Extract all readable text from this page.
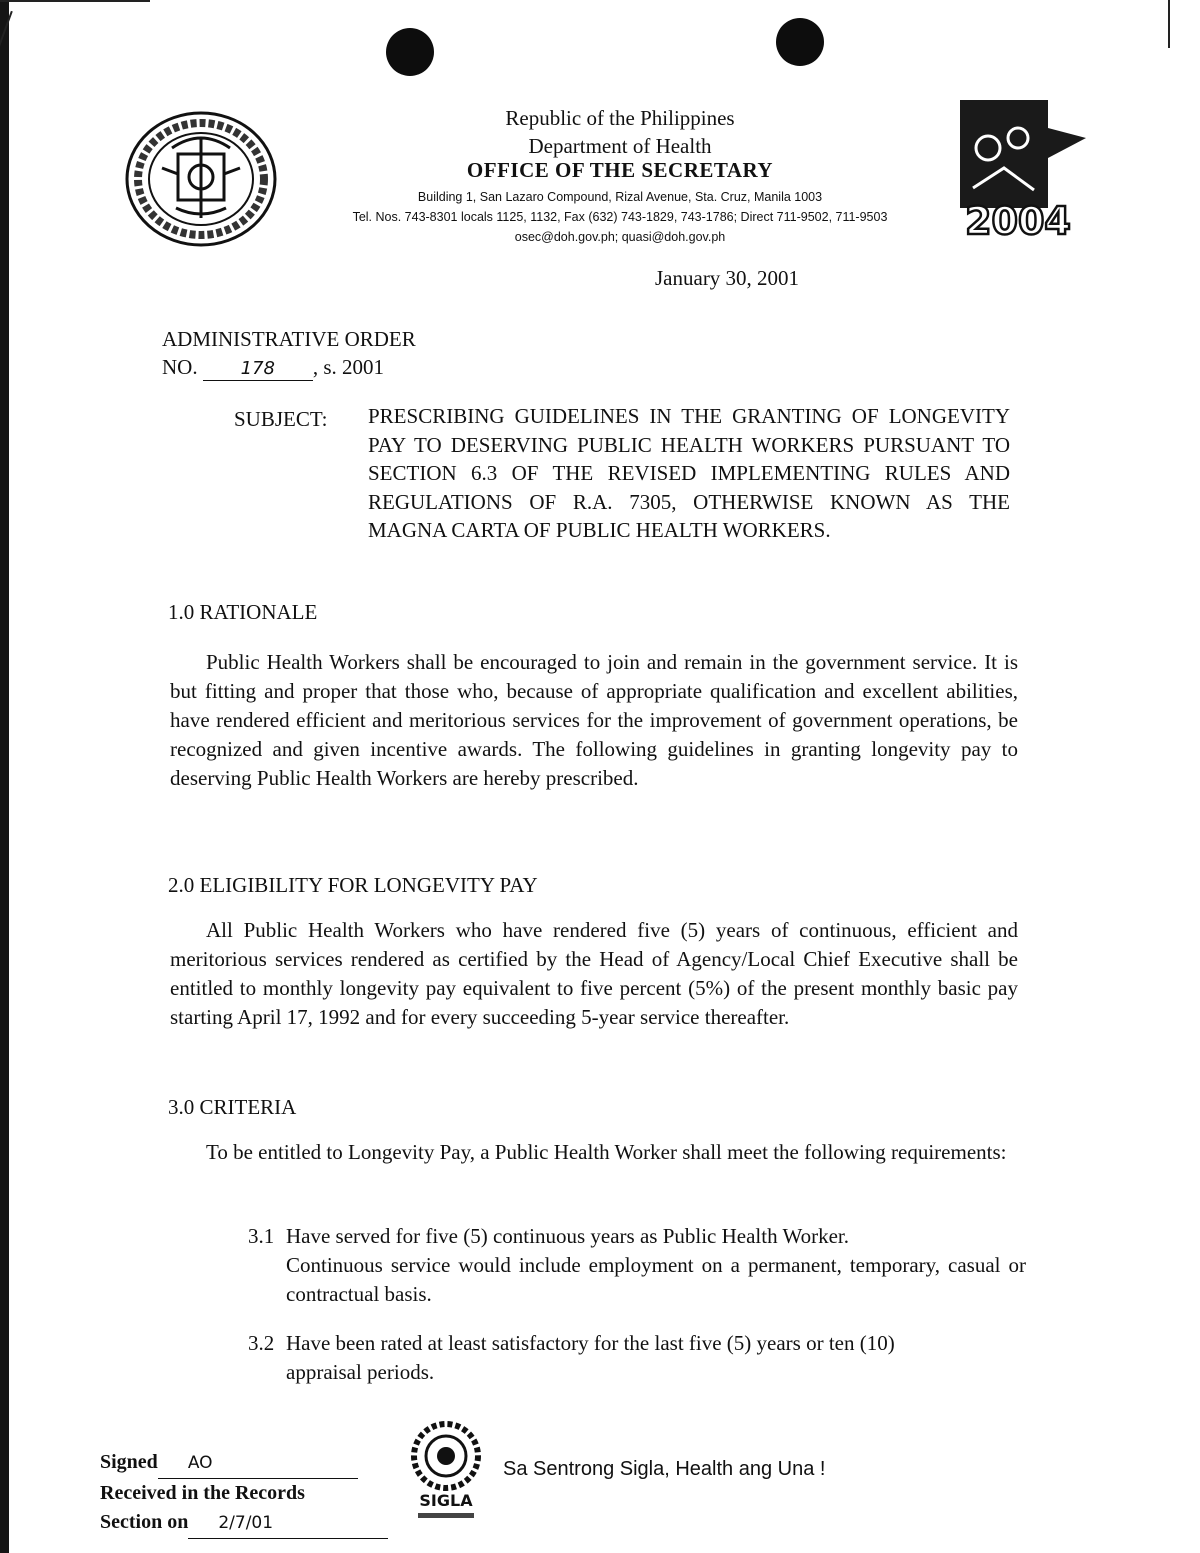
2004
Republic of the Philippines
Department of Health
OFFICE OF THE SECRETARY
Building 1, San Lazaro Compound, Rizal Avenue, Sta. Cruz, Manila 1003
Tel. Nos. 743-8301 locals 1125, 1132, Fax (632) 743-1829, 743-1786; Direct 711-9502, 711-9503
osec@doh.gov.ph; quasi@doh.gov.ph
January 30, 2001
ADMINISTRATIVE ORDER
NO. 178 , s. 2001
SUBJECT: PRESCRIBING GUIDELINES IN THE GRANTING OF LONGEVITY PAY TO DESERVING PUBLIC HEALTH WORKERS PURSUANT TO SECTION 6.3 OF THE REVISED IMPLEMENTING RULES AND REGULATIONS OF R.A. 7305, OTHERWISE KNOWN AS THE MAGNA CARTA OF PUBLIC HEALTH WORKERS.
1.0 RATIONALE
Public Health Workers shall be encouraged to join and remain in the government service. It is but fitting and proper that those who, because of appropriate qualification and excellent abilities, have rendered efficient and meritorious services for the improvement of government operations, be recognized and given incentive awards. The following guidelines in granting longevity pay to deserving Public Health Workers are hereby prescribed.
2.0 ELIGIBILITY FOR LONGEVITY PAY
All Public Health Workers who have rendered five (5) years of continuous, efficient and meritorious services rendered as certified by the Head of Agency/Local Chief Executive shall be entitled to monthly longevity pay equivalent to five percent (5%) of the present monthly basic pay starting April 17, 1992 and for every succeeding 5-year service thereafter.
3.0 CRITERIA
To be entitled to Longevity Pay, a Public Health Worker shall meet the following requirements:
3.1 Have served for five (5) continuous years as Public Health Worker.
Continuous service would include employment on a permanent, temporary, casual or contractual basis.
3.2 Have been rated at least satisfactory for the last five (5) years or ten (10)
appraisal periods.
Signed AO
Received in the Records
Section on 2/7/01
SIGLA
Sa Sentrong Sigla, Health ang Una !
